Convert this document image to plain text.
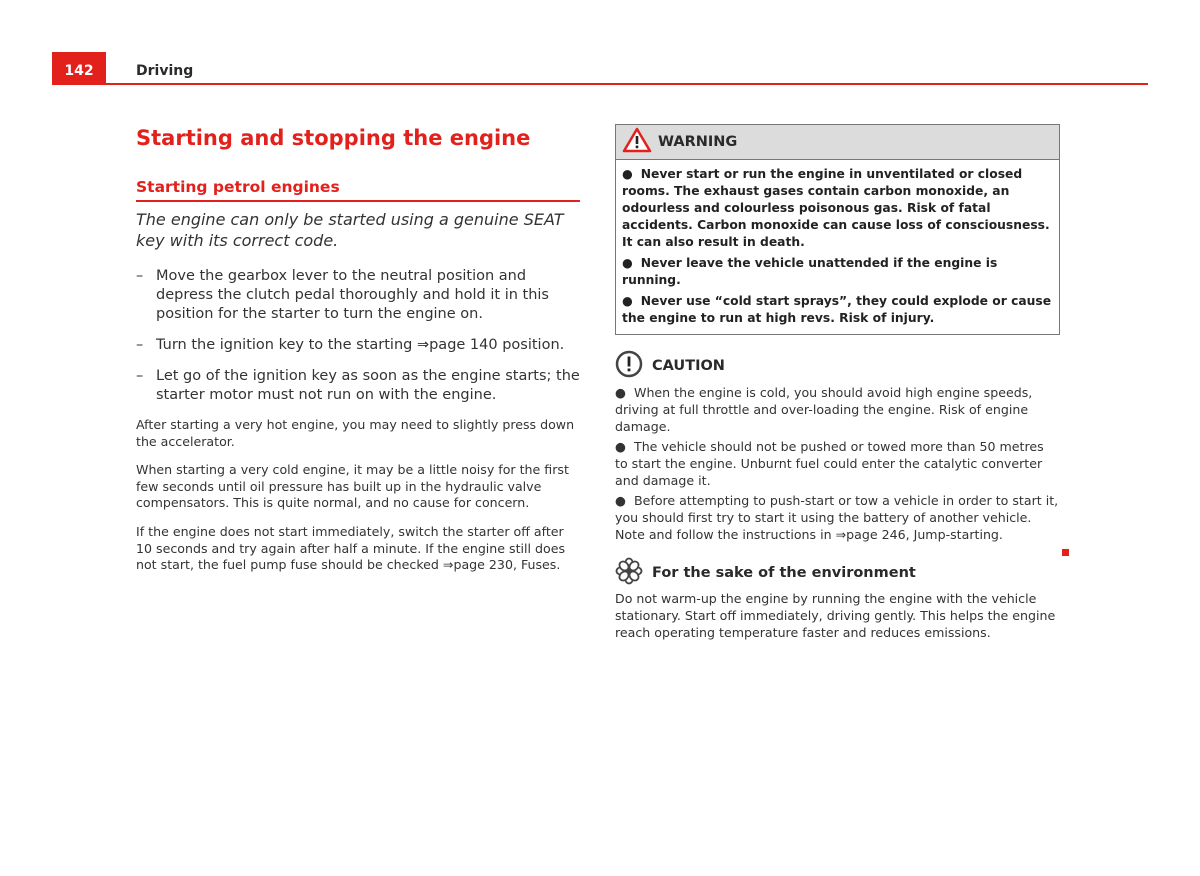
142	Driving
Starting and stopping the engine
Starting petrol engines

The engine can only be started using a genuine SEAT key with its correct code.

– Move the gearbox lever to the neutral position and depress the clutch pedal thoroughly and hold it in this position for the starter to turn the engine on.
– Turn the ignition key to the starting ⇒page 140 position.
– Let go of the ignition key as soon as the engine starts; the starter motor must not run on with the engine.

After starting a very hot engine, you may need to slightly press down the accelerator.

When starting a very cold engine, it may be a little noisy for the first few seconds until oil pressure has built up in the hydraulic valve compensators. This is quite normal, and no cause for concern.

If the engine does not start immediately, switch the starter off after 10 seconds and try again after half a minute. If the engine still does not start, the fuel pump fuse should be checked ⇒page 230, Fuses.

WARNING
● Never start or run the engine in unventilated or closed rooms. The exhaust gases contain carbon monoxide, an odourless and colourless poisonous gas. Risk of fatal accidents. Carbon monoxide can cause loss of consciousness. It can also result in death.
● Never leave the vehicle unattended if the engine is running.
● Never use “cold start sprays”, they could explode or cause the engine to run at high revs. Risk of injury.
CAUTION
● When the engine is cold, you should avoid high engine speeds, driving at full throttle and over-loading the engine. Risk of engine damage.
● The vehicle should not be pushed or towed more than 50 metres to start the engine. Unburnt fuel could enter the catalytic converter and damage it.
● Before attempting to push-start or tow a vehicle in order to start it, you should first try to start it using the battery of another vehicle. Note and follow the instructions in ⇒page 246, Jump-starting.
For the sake of the environment
Do not warm-up the engine by running the engine with the vehicle stationary. Start off immediately, driving gently. This helps the engine reach operating temperature faster and reduces emissions.
